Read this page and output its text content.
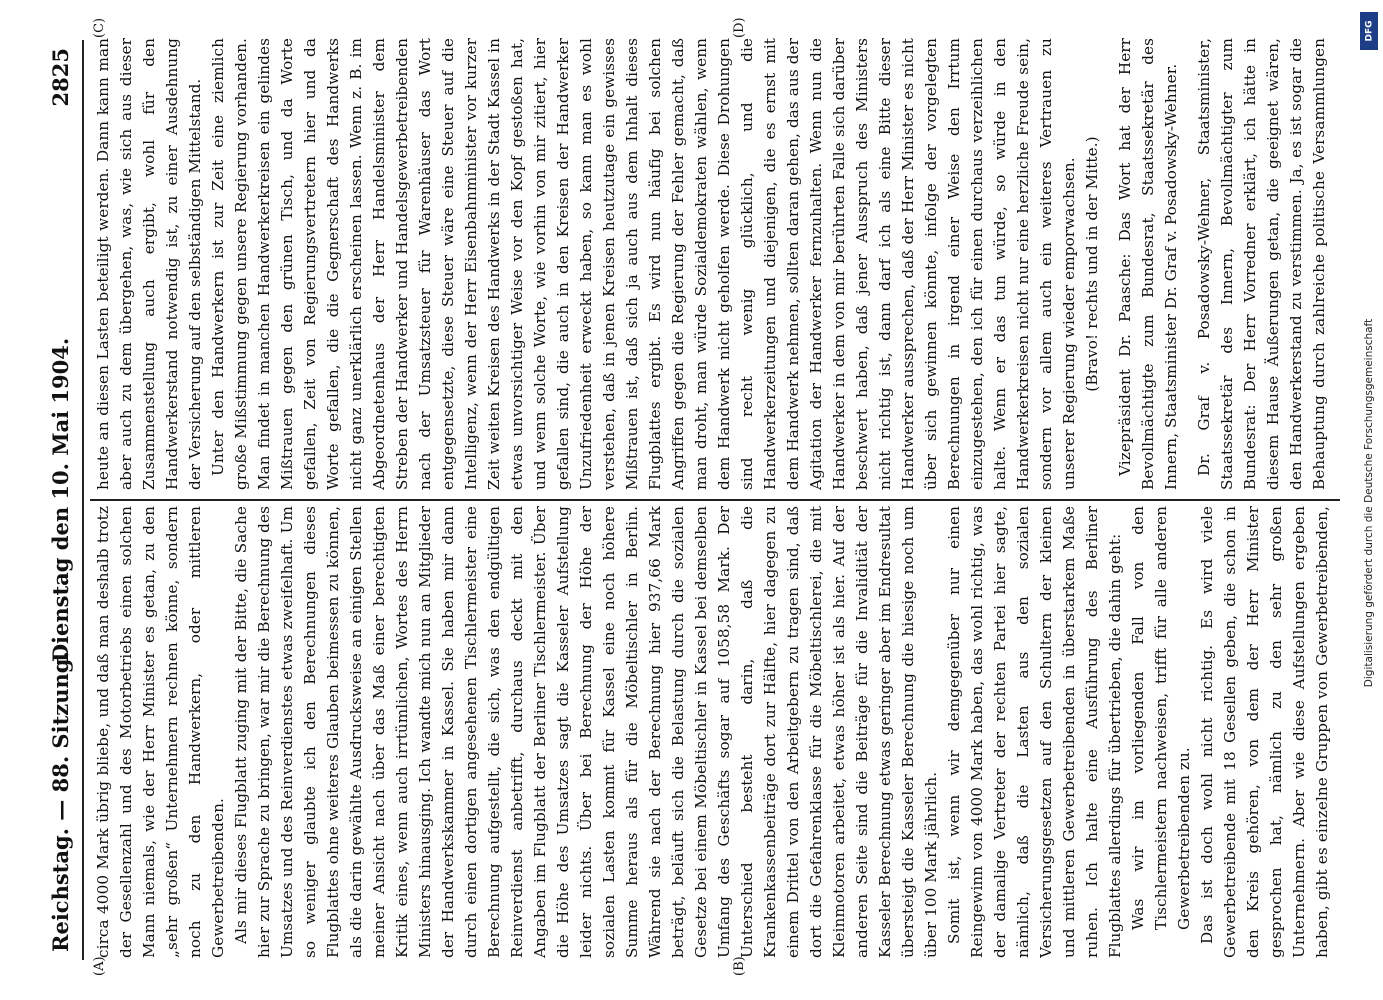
Reichstag. — 88. Sitzung.
Dienstag den 10. Mai 1904.
2825
(A)	(B)
(C)	(D)

circa 4000 Mark übrig bliebe, und daß man deshalb trotz der Gesellenzahl und des Motorbetriebs einen solchen Mann niemals, wie der Herr Minister es getan, zu den „sehr großen“ Unternehmern rechnen könne, sondern noch zu den Handwerkern, oder mittleren Gewerbetreibenden. Als mir dieses Flugblatt zuging mit der Bitte, die Sache hier zur Sprache zu bringen, war mir die Berechnung des Umsatzes und des Reinverdienstes etwas zweifelhaft. Um so weniger glaubte ich den Berechnungen dieses Flugblattes ohne weiteres Glauben beimessen zu können, als die darin gewählte Ausdrucksweise an einigen Stellen meiner Ansicht nach über das Maß einer berechtigten Kritik eines, wenn auch irrtümlichen, Wortes des Herrn Ministers hinausging. Ich wandte mich nun an Mitglieder der Handwerkskammer in Kassel. Sie haben mir dann durch einen dortigen angesehenen Tischlermeister eine Berechnung aufgestellt, die sich, was den endgültigen Reinverdienst anbetrifft, durchaus deckt mit den Angaben im Flugblatt der Berliner Tischlermeister. Über die Höhe des Umsatzes sagt die Kasseler Aufstellung leider nichts. Über bei Berechnung der Höhe der sozialen Lasten kommt für Kassel eine noch höhere Summe heraus als für die Möbeltischler in Berlin. Während sie nach der Berechnung hier 937,66 Mark beträgt, beläuft sich die Belastung durch die sozialen Gesetze bei einem Möbeltischler in Kassel bei demselben Umfang des Geschäfts sogar auf 1058,58 Mark. Der Unterschied besteht darin, daß die Krankenkassenbeiträge dort zur Hälfte, hier dagegen zu einem Drittel von den Arbeitgebern zu tragen sind, daß dort die Gefahrenklasse für die Möbeltischlerei, die mit Kleinmotoren arbeitet, etwas höher ist als hier. Auf der anderen Seite sind die Beiträge für die Invalidität der Kasseler Berechnung etwas geringer aber im Endresultat übersteigt die Kasseler Berechnung die hiesige noch um über 100 Mark jährlich. Somit ist, wenn wir demgegenüber nur einen Reingewinn von 4000 Mark haben, das wohl richtig, was der damalige Vertreter der rechten Partei hier sagte, nämlich, daß die Lasten aus den sozialen Versicherungsgesetzen auf den Schultern der kleinen und mittleren Gewerbetreibenden in überstarkem Maße ruhen. Ich halte eine Ausführung des Berliner Flugblattes allerdings für übertrieben, die dahin geht: Was wir im vorliegenden Fall von den Tischlermeistern nachweisen, trifft für alle anderen Gewerbetreibenden zu. Das ist doch wohl nicht richtig. Es wird viele Gewerbetreibende mit 18 Gesellen geben, die schon in den Kreis gehören, von dem der Herr Minister gesprochen hat, nämlich zu den sehr großen Unternehmern. Aber wie diese Aufstellungen ergeben haben, gibt es einzelne Gruppen von Gewerbetreibenden,

heute an diesen Lasten beteiligt werden. Dann kann man aber auch zu dem übergehen, was, wie sich aus dieser Zusammenstellung auch ergibt, wohl für den Handwerkerstand notwendig ist, zu einer Ausdehnung der Versicherung auf den selbständigen Mittelstand. Unter den Handwerkern ist zur Zeit eine ziemlich große Mißstimmung gegen unsere Regierung vorhanden. Man findet in manchen Handwerkerkreisen ein gelindes Mißtrauen gegen den grünen Tisch, und da Worte gefallen, Zeit von Regierungsvertretern hier und da Worte gefallen, die die Gegnerschaft des Handwerks nicht ganz unerklärlich erscheinen lassen. Wenn z. B. im Abgeordnetenhaus der Herr Handelsminister dem Streben der Handwerker und Handelsgewerbetreibenden nach der Umsatzsteuer für Warenhäuser das Wort entgegensetzte, diese Steuer wäre eine Steuer auf die Intelligenz, wenn der Herr Eisenbahnminister vor kurzer Zeit weiten Kreisen des Handwerks in der Stadt Kassel in etwas unvorsichtiger Weise vor den Kopf gestoßen hat, und wenn solche Worte, wie vorhin von mir zitiert, hier gefallen sind, die auch in den Kreisen der Handwerker Unzufriedenheit erweckt haben, so kann man es wohl verstehen, daß in jenen Kreisen heutzutage ein gewisses Mißtrauen ist, daß sich ja auch aus dem Inhalt dieses Flugblattes ergibt. Es wird nun häufig bei solchen Angriffen gegen die Regierung der Fehler gemacht, daß man droht, man würde Sozialdemokraten wählen, wenn dem Handwerk nicht geholfen werde. Diese Drohungen sind recht wenig glücklich, und die Handwerkerzeitungen und diejenigen, die es ernst mit dem Handwerk nehmen, sollten daran gehen, das aus der Agitation der Handwerker fernzuhalten. Wenn nun die Handwerker in dem von mir berührten Falle sich darüber beschwert haben, daß jener Ausspruch des Ministers nicht richtig ist, dann darf ich als eine Bitte dieser Handwerker aussprechen, daß der Herr Minister es nicht über sich gewinnen könnte, infolge der vorgelegten Berechnungen in irgend einer Weise den Irrtum einzugestehen, den ich für einen durchaus verzeihlichen halte. Wenn er das tun würde, so würde in den Handwerkerkreisen nicht nur eine herzliche Freude sein, sondern vor allem auch ein weiteres Vertrauen zu unserer Regierung wieder emporwachsen. (Bravo! rechts und in der Mitte.) Vizepräsident Dr. Paasche: Das Wort hat der Herr Bevollmächtigte zum Bundesrat, Staatssekretär des Innern, Staatsminister Dr. Graf v. Posadowsky-Wehner. Dr. Graf v. Posadowsky-Wehner, Staatsminister, Staatssekretär des Innern, Bevollmächtigter zum Bundesrat: Der Herr Vorredner erklärt, ich hätte in diesem Hause Äußerungen getan, die geeignet wären, den Handwerkerstand zu verstimmen. Ja, es ist sogar die Behauptung durch zahlreiche politische Versammlungen

DFG
Digitalisierung gefördert durch die Deutsche Forschungsgemeinschaft
